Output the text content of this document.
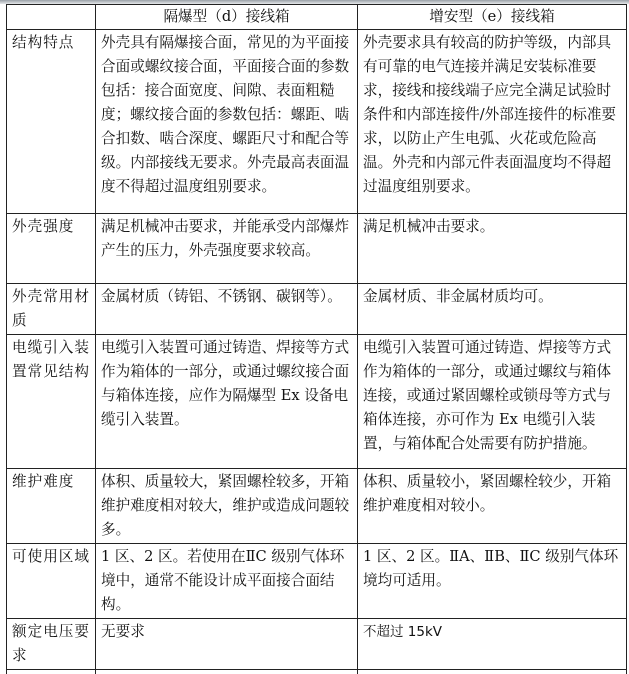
	隔爆型（d）接线箱	增安型（e）接线箱
结构特点	外壳具有隔爆接合面，常见的为平面接合面或螺纹接合面，平面接合面的参数包括：接合面宽度、间隙、表面粗糙度；螺纹接合面的参数包括：螺距、啮合扣数、啮合深度、螺距尺寸和配合等级。内部接线无要求。外壳最高表面温度不得超过温度组别要求。	外壳要求具有较高的防护等级，内部具有可靠的电气连接并满足安装标准要求，接线和接线端子应完全满足试验时条件和内部连接件/外部连接件的标准要求，以防止产生电弧、火花或危险高温。外壳和内部元件表面温度均不得超过温度组别要求。
外壳强度	满足机械冲击要求，并能承受内部爆炸产生的压力，外壳强度要求较高。	满足机械冲击要求。
外壳常用材质	金属材质（铸铝、不锈钢、碳钢等）。	金属材质、非金属材质均可。
电缆引入装置常见结构	电缆引入装置可通过铸造、焊接等方式作为箱体的一部分，或通过螺纹接合面与箱体连接，应作为隔爆型 Ex 设备电缆引入装置。	电缆引入装置可通过铸造、焊接等方式作为箱体的一部分，或通过螺纹与箱体连接，或通过紧固螺栓或锁母等方式与箱体连接，亦可作为 Ex 电缆引入装置，与箱体配合处需要有防护措施。
维护难度	体积、质量较大，紧固螺栓较多，开箱维护难度相对较大，维护或造成问题较多。	体积、质量较小，紧固螺栓较少，开箱维护难度相对较小。
可使用区域	1 区、2 区。若使用在ⅡC 级别气体环境中，通常不能设计成平面接合面结构。	1 区、2 区。ⅡA、ⅡB、ⅡC 级别气体环境均可适用。
额定电压要求	无要求	不超过 15kV
